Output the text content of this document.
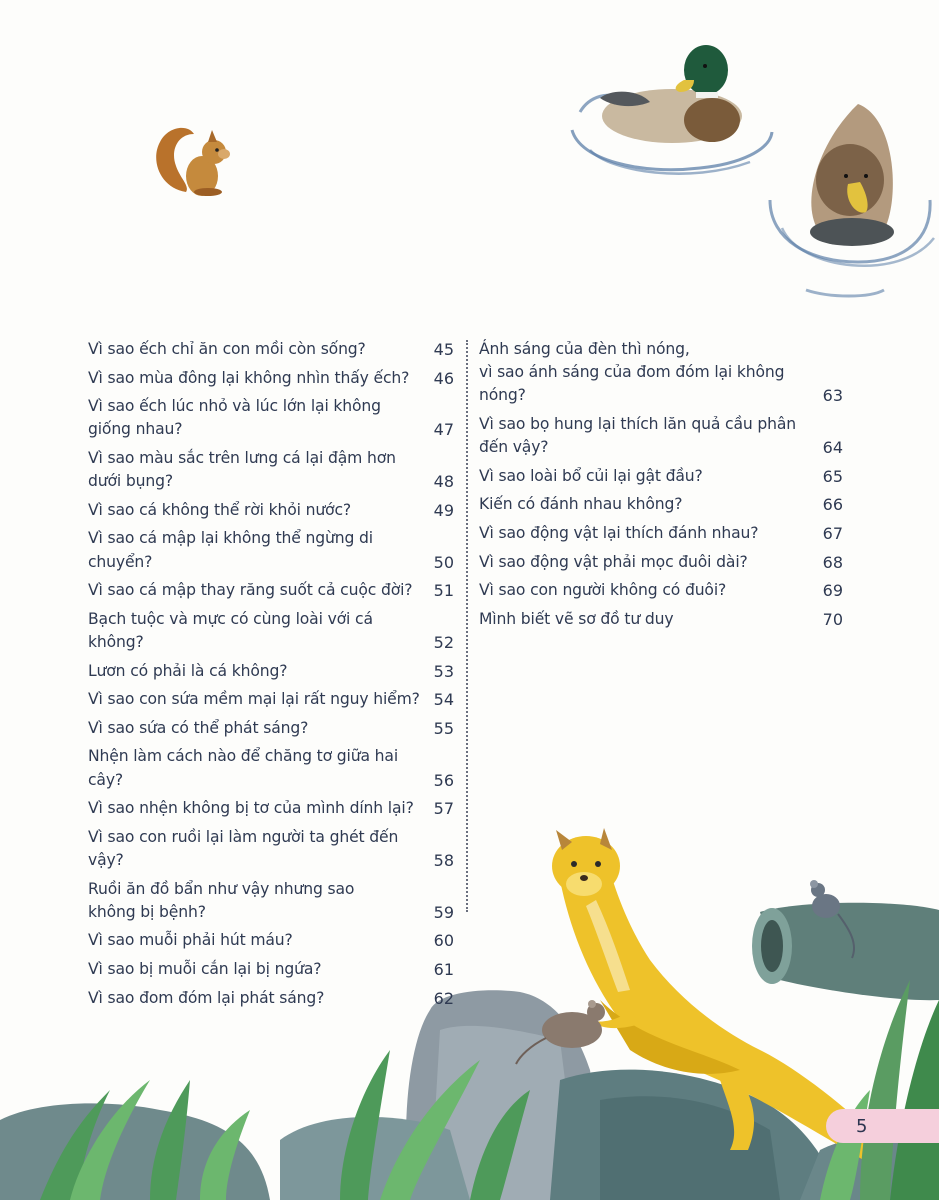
Vì sao ếch chỉ ăn con mồi còn sống?	45
Vì sao mùa đông lại không nhìn thấy ếch?	46
Vì sao ếch lúc nhỏ và lúc lớn lại không
giống nhau?	47
Vì sao màu sắc trên lưng cá lại đậm hơn
dưới bụng?	48
Vì sao cá không thể rời khỏi nước?	49
Vì sao cá mập lại không thể ngừng di chuyển?	50
Vì sao cá mập thay răng suốt cả cuộc đời?	51
Bạch tuộc và mực có cùng loài với cá không?	52
Lươn có phải là cá không?	53
Vì sao con sứa mềm mại lại rất nguy hiểm? 54
Vì sao sứa có thể phát sáng?	55
Nhện làm cách nào để chăng tơ giữa hai cây?	56
Vì sao nhện không bị tơ của mình dính lại?	57
Vì sao con ruồi lại làm người ta ghét đến vậy?	58
Ruồi ăn đồ bẩn như vậy nhưng sao
không bị bệnh?	59
Vì sao muỗi phải hút máu?	60
Vì sao bị muỗi cắn lại bị ngứa?	61
Vì sao đom đóm lại phát sáng?	62
Ánh sáng của đèn thì nóng,
vì sao ánh sáng của đom đóm lại không nóng?	63
Vì sao bọ hung lại thích lăn quả cầu phân
đến vậy?	64
Vì sao loài bổ củi lại gật đầu?	65
Kiến có đánh nhau không?	66
Vì sao động vật lại thích đánh nhau?	67
Vì sao động vật phải mọc đuôi dài?	68
Vì sao con người không có đuôi?	69
Mình biết vẽ sơ đồ tư duy	70
5
